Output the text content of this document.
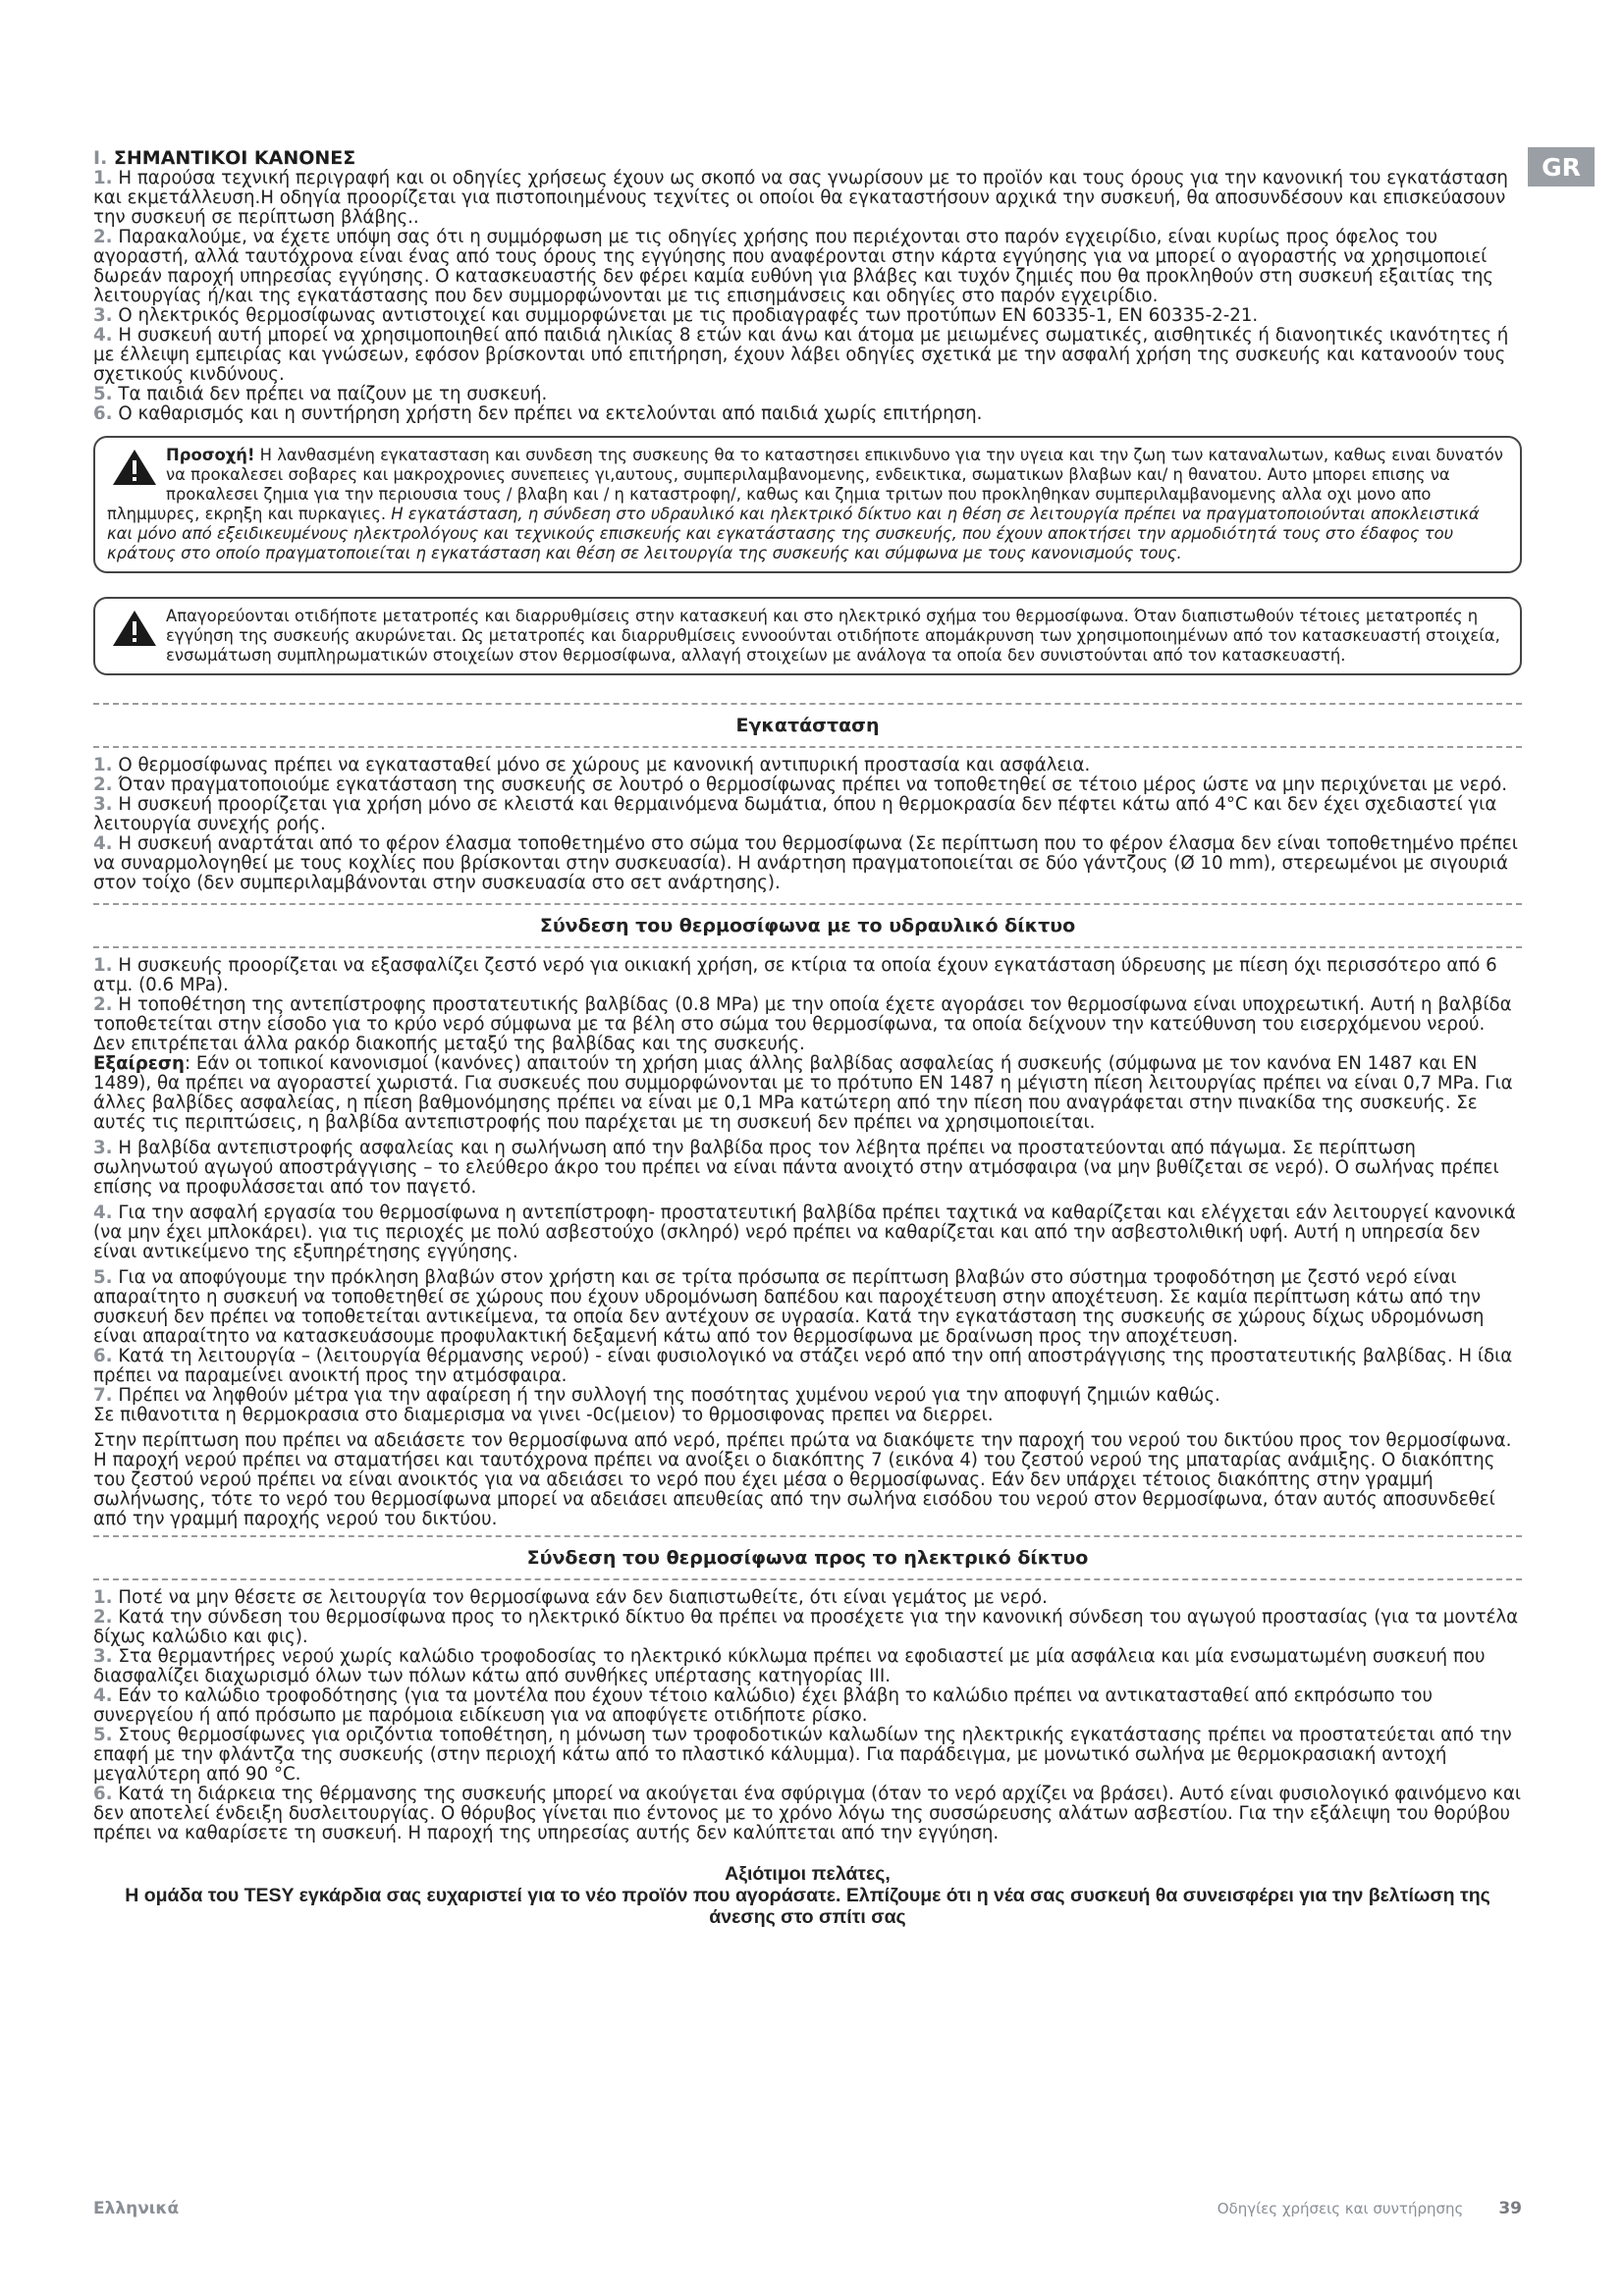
GR

I. ΣΗΜΑΝΤΙΚΟΙ ΚΑΝΟΝΕΣ

1. Η παρούσα τεχνική περιγραφή και οι οδηγίες χρήσεως έχουν ως σκοπό να σας γνωρίσουν με το προϊόν και τους όρους για την κανονική του εγκατάσταση και εκμετάλλευση.Η οδηγία προορίζεται για πιστοποιημένους τεχνίτες οι οποίοι θα εγκαταστήσουν αρχικά την συσκευή, θα αποσυνδέσουν και επισκεύασουν την συσκευή σε περίπτωση βλάβης..

2. Παρακαλούμε, να έχετε υπόψη σας ότι η συμμόρφωση με τις οδηγίες χρήσης που περιέχονται στο παρόν εγχειρίδιο, είναι κυρίως προς όφελος του αγοραστή, αλλά ταυτόχρονα είναι ένας από τους όρους της εγγύησης που αναφέρονται στην κάρτα εγγύησης για να μπορεί ο αγοραστής να χρησιμοποιεί δωρεάν παροχή υπηρεσίας εγγύησης. Ο κατασκευαστής δεν φέρει καμία ευθύνη για βλάβες και τυχόν ζημιές που θα προκληθούν στη συσκευή εξαιτίας της λειτουργίας ή/και της εγκατάστασης που δεν συμμορφώνονται με τις επισημάνσεις και οδηγίες στο παρόν εγχειρίδιο.

3. Ο ηλεκτρικός θερμοσίφωνας αντιστοιχεί και συμμορφώνεται με τις προδιαγραφές των προτύπων EN 60335-1, EN 60335-2-21.

4. Η συσκευή αυτή μπορεί να χρησιμοποιηθεί από παιδιά ηλικίας 8 ετών και άνω και άτομα με μειωμένες σωματικές, αισθητικές ή διανοητικές ικανότητες ή με έλλειψη εμπειρίας και γνώσεων, εφόσον βρίσκονται υπό επιτήρηση, έχουν λάβει οδηγίες σχετικά με την ασφαλή χρήση της συσκευής και κατανοούν τους σχετικούς κινδύνους.

5. Τα παιδιά δεν πρέπει να παίζουν με τη συσκευή.

6. Ο καθαρισμός και η συντήρηση χρήστη δεν πρέπει να εκτελούνται από παιδιά χωρίς επιτήρηση.

Προσοχή! Η λανθασμένη εγκατασταση και συνδεση της συσκευης θα το καταστησει επικινδυνο για την υγεια και την ζωη των καταναλωτων, καθως ειναι δυνατόν να προκαλεσει σοβαρες και μακροχρονιες συνεπειες γι,αυτους, συμπεριλαμβανομενης, ενδεικτικα, σωματικων βλαβων και/ η θανατου. Αυτο μπορει επισης να προκαλεσει ζημια για την περιουσια τους / βλαβη και / η καταστροφη/, καθως και ζημια τριτων που προκληθηκαν συμπεριλαμβανομενης αλλα οχι μονο απο πλημμυρες, εκρηξη και πυρκαγιες. Η εγκατάσταση, η σύνδεση στο υδραυλικό και ηλεκτρικό δίκτυο και η θέση σε λειτουργία πρέπει να πραγματοποιούνται αποκλειστικά και μόνο από εξειδικευμένους ηλεκτρολόγους και τεχνικούς επισκευής και εγκατάστασης της συσκευής, που έχουν αποκτήσει την αρμοδιότητά τους στο έδαφος του κράτους στο οποίο πραγματοποιείται η εγκατάσταση και θέση σε λειτουργία της συσκευής και σύμφωνα με τους κανονισμούς τους.
Απαγορεύονται οτιδήποτε μετατροπές και διαρρυθμίσεις στην κατασκευή και στο ηλεκτρικό σχήμα του θερμοσίφωνα. Όταν διαπιστωθούν τέτοιες μετατροπές η εγγύηση της συσκευής ακυρώνεται. Ως μετατροπές και διαρρυθμίσεις εννοούνται οτιδήποτε απομάκρυνση των χρησιμοποιημένων από τον κατασκευαστή στοιχεία, ενσωμάτωση συμπληρωματικών στοιχείων στον θερμοσίφωνα, αλλαγή στοιχείων με ανάλογα τα οποία δεν συνιστούνται από τον κατασκευαστή.
Εγκατάσταση

1. Ο θερμοσίφωνας πρέπει να εγκατασταθεί μόνο σε χώρους με κανονική αντιπυρική προστασία και ασφάλεια.

2. Όταν πραγματοποιούμε εγκατάσταση της συσκευής σε λουτρό ο θερμοσίφωνας πρέπει να τοποθετηθεί σε τέτοιο μέρος ώστε να μην περιχύνεται με νερό.

3. Η συσκευή προορίζεται για χρήση μόνο σε κλειστά και θερμαινόμενα δωμάτια, όπου η θερμοκρασία δεν πέφτει κάτω από 4°C και δεν έχει σχεδιαστεί για λειτουργία συνεχής ροής.

4. Η συσκευή αναρτάται από το φέρον έλασμα τοποθετημένο στο σώμα του θερμοσίφωνα (Σε περίπτωση που το φέρον έλασμα δεν είναι τοποθετημένο πρέπει να συναρμολογηθεί με τους κοχλίες που βρίσκονται στην συσκευασία). Η ανάρτηση πραγματοποιείται σε δύο γάντζους (Ø 10 mm), στερεωμένοι με σιγουριά στον τοίχο (δεν συμπεριλαμβάνονται στην συσκευασία στο σετ ανάρτησης).

Σύνδεση του θερμοσίφωνα με το υδραυλικό δίκτυο

1. Η συσκευής προορίζεται να εξασφαλίζει ζεστό νερό για οικιακή χρήση, σε κτίρια τα οποία έχουν εγκατάσταση ύδρευσης με πίεση όχι περισσότερο από 6 ατμ. (0.6 MPa).

2. Η τοποθέτηση της αντεπίστροφης προστατευτικής βαλβίδας (0.8 MPa) με την οποία έχετε αγοράσει τον θερμοσίφωνα είναι υποχρεωτική. Αυτή η βαλβίδα τοποθετείται στην είσοδο για το κρύο νερό σύμφωνα με τα βέλη στο σώμα του θερμοσίφωνα, τα οποία δείχνουν την κατεύθυνση του εισερχόμενου νερού. Δεν επιτρέπεται άλλα ρακόρ διακοπής μεταξύ της βαλβίδας και της συσκευής.

Εξαίρεση: Εάν οι τοπικοί κανονισμοί (κανόνες) απαιτούν τη χρήση μιας άλλης βαλβίδας ασφαλείας ή συσκευής (σύμφωνα με τον κανόνα EN 1487 και EN 1489), θα πρέπει να αγοραστεί χωριστά. Για συσκευές που συμμορφώνονται με το πρότυπο EN 1487 η μέγιστη πίεση λειτουργίας πρέπει να είναι 0,7 MPa. Για άλλες βαλβίδες ασφαλείας, η πίεση βαθμονόμησης πρέπει να είναι με 0,1 MPa κατώτερη από την πίεση που αναγράφεται στην πινακίδα της συσκευής. Σε αυτές τις περιπτώσεις, η βαλβίδα αντεπιστροφής που παρέχεται με τη συσκευή δεν πρέπει να χρησιμοποιείται.

3. Η βαλβίδα αντεπιστροφής ασφαλείας και η σωλήνωση από την βαλβίδα προς τον λέβητα πρέπει να προστατεύονται από πάγωμα. Σε περίπτωση σωληνωτού αγωγού αποστράγγισης – το ελεύθερο άκρο του πρέπει να είναι πάντα ανοιχτό στην ατμόσφαιρα (να μην βυθίζεται σε νερό). Ο σωλήνας πρέπει επίσης να προφυλάσσεται από τον παγετό.

4. Για την ασφαλή εργασία του θερμοσίφωνα η αντεπίστροφη- προστατευτική βαλβίδα πρέπει ταχτικά να καθαρίζεται και ελέγχεται εάν λειτουργεί κανονικά (να μην έχει μπλοκάρει). για τις περιοχές με πολύ ασβεστούχο (σκληρό) νερό πρέπει να καθαρίζεται και από την ασβεστολιθική υφή. Αυτή η υπηρεσία δεν είναι αντικείμενο της εξυπηρέτησης εγγύησης.

5. Για να αποφύγουμε την πρόκληση βλαβών στον χρήστη και σε τρίτα πρόσωπα σε περίπτωση βλαβών στο σύστημα τροφοδότηση με ζεστό νερό είναι απαραίτητο η συσκευή να τοποθετηθεί σε χώρους που έχουν υδρομόνωση δαπέδου και παροχέτευση στην αποχέτευση. Σε καμία περίπτωση κάτω από την συσκευή δεν πρέπει να τοποθετείται αντικείμενα, τα οποία δεν αντέχουν σε υγρασία. Κατά την εγκατάσταση της συσκευής σε χώρους δίχως υδρομόνωση είναι απαραίτητο να κατασκευάσουμε προφυλακτική δεξαμενή κάτω από τον θερμοσίφωνα με δραίνωση προς την αποχέτευση.

6. Κατά τη λειτουργία – (λειτουργία θέρμανσης νερού) - είναι φυσιολογικό να στάζει νερό από την οπή αποστράγγισης της προστατευτικής βαλβίδας. Η ίδια πρέπει να παραμείνει ανοικτή προς την ατμόσφαιρα.

7. Πρέπει να ληφθούν μέτρα για την αφαίρεση ή την συλλογή της ποσότητας χυμένου νερού για την αποφυγή ζημιών καθώς.

Σε πιθανοτιτα η θερμοκρασια στο διαμερισμα να γινει -0c(μειον) το θρμοσιφονας πρεπει να διερρει.

Στην περίπτωση που πρέπει να αδειάσετε τον θερμοσίφωνα από νερό, πρέπει πρώτα να διακόψετε την παροχή του νερού του δικτύου προς τον θερμοσίφωνα. Η παροχή νερού πρέπει να σταματήσει και ταυτόχρονα πρέπει να ανοίξει ο διακόπτης 7 (εικόνα 4) του ζεστού νερού της μπαταρίας ανάμιξης. Ο διακόπτης του ζεστού νερού πρέπει να είναι ανοικτός για να αδειάσει το νερό που έχει μέσα ο θερμοσίφωνας. Εάν δεν υπάρχει τέτοιος διακόπτης στην γραμμή σωλήνωσης, τότε το νερό του θερμοσίφωνα μπορεί να αδειάσει απευθείας από την σωλήνα εισόδου του νερού στον θερμοσίφωνα, όταν αυτός αποσυνδεθεί από την γραμμή παροχής νερού του δικτύου.

Σύνδεση του θερμοσίφωνα προς το ηλεκτρικό δίκτυο

1. Ποτέ να μην θέσετε σε λειτουργία τον θερμοσίφωνα εάν δεν διαπιστωθείτε, ότι είναι γεμάτος με νερό.

2. Κατά την σύνδεση του θερμοσίφωνα προς το ηλεκτρικό δίκτυο θα πρέπει να προσέχετε για την κανονική σύνδεση του αγωγού προστασίας (για τα μοντέλα δίχως καλώδιο και φις).

3. Στα θερμαντήρες νερού χωρίς καλώδιο τροφοδοσίας το ηλεκτρικό κύκλωμα πρέπει να εφοδιαστεί με μία ασφάλεια και μία ενσωματωμένη συσκευή που διασφαλίζει διαχωρισμό όλων των πόλων κάτω από συνθήκες υπέρτασης κατηγορίας III.

4. Εάν το καλώδιο τροφοδότησης (για τα μοντέλα που έχουν τέτοιο καλώδιο) έχει βλάβη το καλώδιο πρέπει να αντικατασταθεί από εκπρόσωπο του συνεργείου ή από πρόσωπο με παρόμοια ειδίκευση για να αποφύγετε οτιδήποτε ρίσκο.

5. Στους θερμοσίφωνες για οριζόντια τοποθέτηση, η μόνωση των τροφοδοτικών καλωδίων της ηλεκτρικής εγκατάστασης πρέπει να προστατεύεται από την επαφή με την φλάντζα της συσκευής (στην περιοχή κάτω από το πλαστικό κάλυμμα). Για παράδειγμα, με μονωτικό σωλήνα με θερμοκρασιακή αντοχή μεγαλύτερη από 90 °C.

6. Κατά τη διάρκεια της θέρμανσης της συσκευής μπορεί να ακούγεται ένα σφύριγμα (όταν το νερό αρχίζει να βράσει). Αυτό είναι φυσιολογικό φαινόμενο και δεν αποτελεί ένδειξη δυσλειτουργίας. Ο θόρυβος γίνεται πιο έντονος με το χρόνο λόγω της συσσώρευσης αλάτων ασβεστίου. Για την εξάλειψη του θορύβου πρέπει να καθαρίσετε τη συσκευή. Η παροχή της υπηρεσίας αυτής δεν καλύπτεται από την εγγύηση.

Αξιότιμοι πελάτες,
Η ομάδα του TESY εγκάρδια σας ευχαριστεί για το νέο προϊόν που αγοράσατε. Ελπίζουμε ότι η νέα σας συσκευή θα συνεισφέρει για την βελτίωση της άνεσης στο σπίτι σας
Ελληνικά	Οδηγίες χρήσεις και συντήρησης 39
